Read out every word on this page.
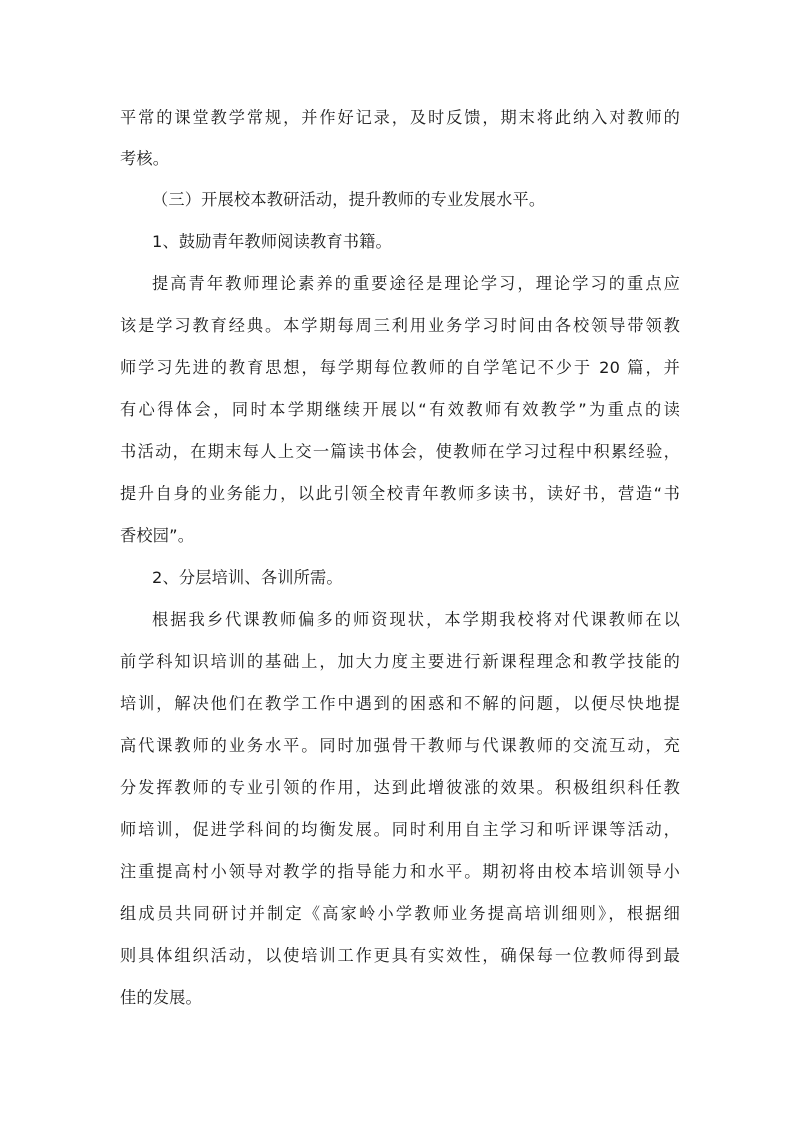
平常的课堂教学常规，并作好记录，及时反馈，期末将此纳入对教师的
考核。
（三）开展校本教研活动，提升教师的专业发展水平。
1、鼓励青年教师阅读教育书籍。
提高青年教师理论素养的重要途径是理论学习，理论学习的重点应
该是学习教育经典。本学期每周三利用业务学习时间由各校领导带领教
师学习先进的教育思想，每学期每位教师的自学笔记不少于 20 篇，并
有心得体会，同时本学期继续开展以“有效教师有效教学”为重点的读
书活动，在期末每人上交一篇读书体会，使教师在学习过程中积累经验，
提升自身的业务能力，以此引领全校青年教师多读书，读好书，营造“书
香校园”。
2、分层培训、各训所需。
根据我乡代课教师偏多的师资现状，本学期我校将对代课教师在以
前学科知识培训的基础上，加大力度主要进行新课程理念和教学技能的
培训，解决他们在教学工作中遇到的困惑和不解的问题，以便尽快地提
高代课教师的业务水平。同时加强骨干教师与代课教师的交流互动，充
分发挥教师的专业引领的作用，达到此增彼涨的效果。积极组织科任教
师培训，促进学科间的均衡发展。同时利用自主学习和听评课等活动，
注重提高村小领导对教学的指导能力和水平。期初将由校本培训领导小
组成员共同研讨并制定《高家岭小学教师业务提高培训细则》，根据细
则具体组织活动，以使培训工作更具有实效性，确保每一位教师得到最
佳的发展。
